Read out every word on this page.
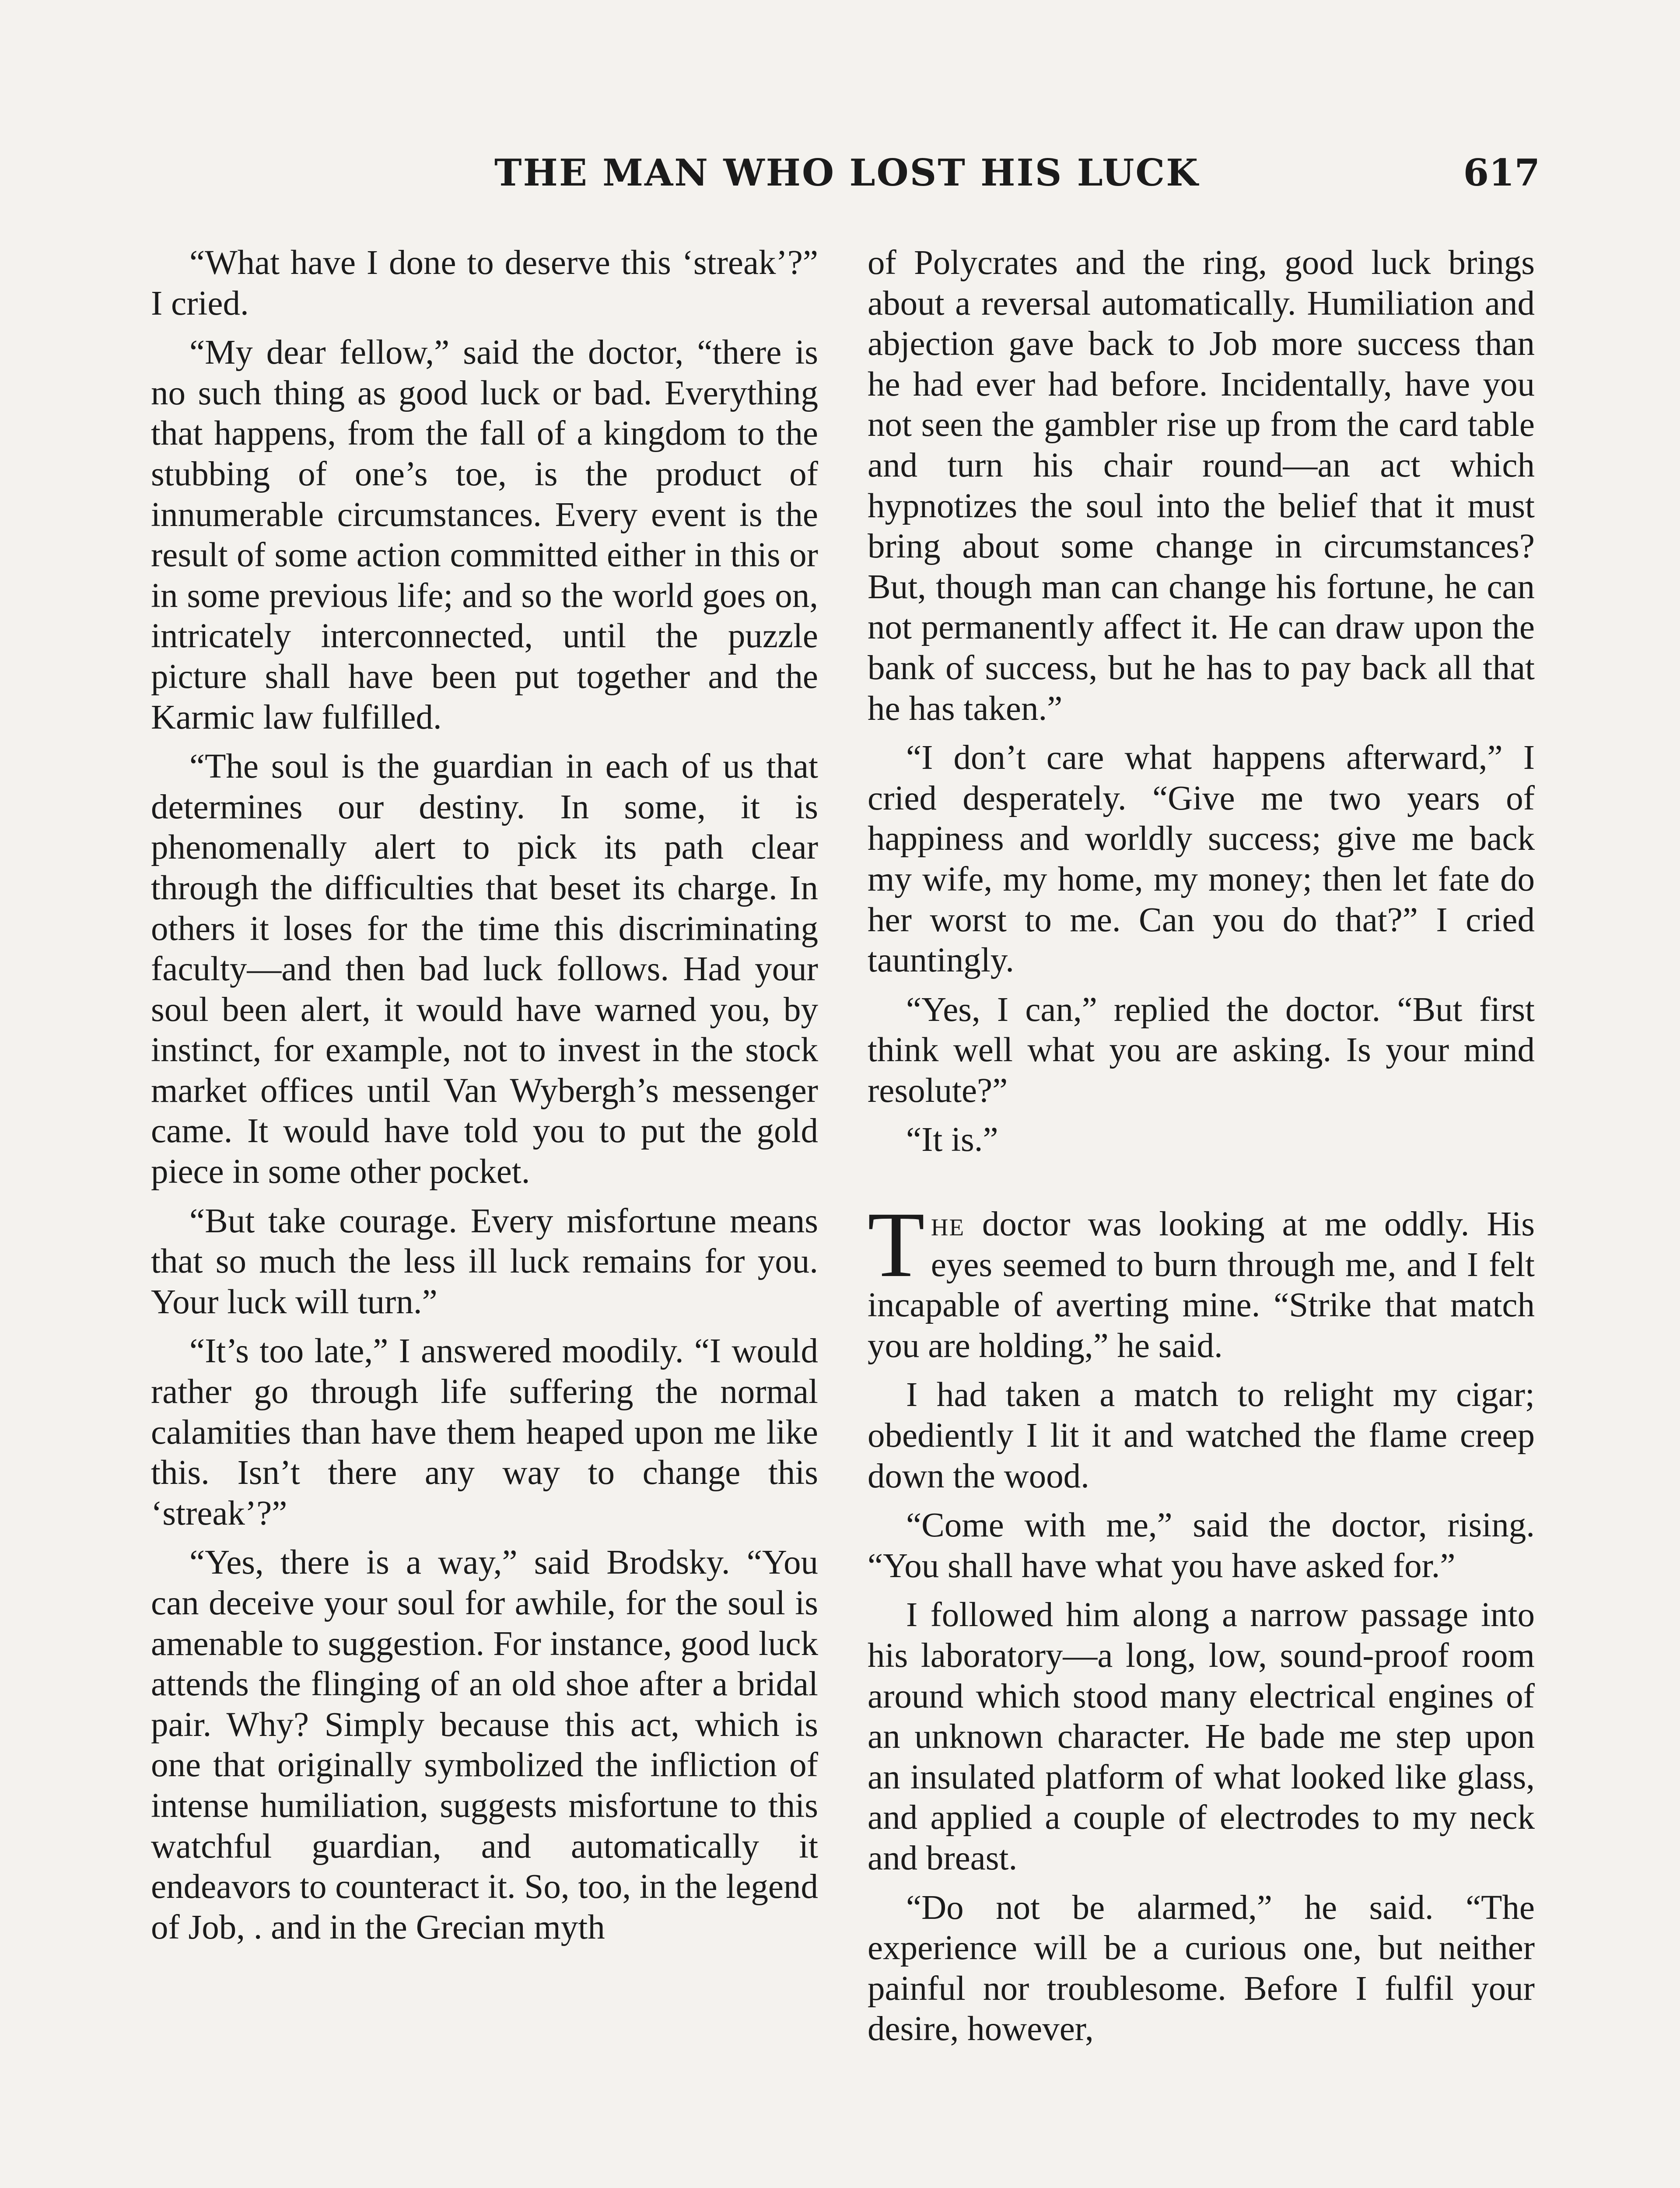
THE MAN WHO LOST HIS LUCK	617

“What have I done to deserve this ‘streak’?” I cried.

“My dear fellow,” said the doctor, “there is no such thing as good luck or bad. Everything that happens, from the fall of a kingdom to the stubbing of one’s toe, is the product of innumerable circumstances. Every event is the result of some action committed either in this or in some previous life; and so the world goes on, intricately interconnected, until the puzzle picture shall have been put together and the Karmic law fulfilled.

“The soul is the guardian in each of us that determines our destiny. In some, it is phenomenally alert to pick its path clear through the difficulties that beset its charge. In others it loses for the time this discriminating faculty—and then bad luck follows. Had your soul been alert, it would have warned you, by instinct, for example, not to invest in the stock market offices until Van Wybergh’s messenger came. It would have told you to put the gold piece in some other pocket.

“But take courage. Every misfortune means that so much the less ill luck remains for you. Your luck will turn.”

“It’s too late,” I answered moodily. “I would rather go through life suffering the normal calamities than have them heaped upon me like this. Isn’t there any way to change this ‘streak’?”

“Yes, there is a way,” said Brodsky. “You can deceive your soul for awhile, for the soul is amenable to suggestion. For instance, good luck attends the flinging of an old shoe after a bridal pair. Why? Simply because this act, which is one that originally symbolized the infliction of intense humiliation, suggests misfortune to this watchful guardian, and automatically it endeavors to counteract it. So, too, in the legend of Job, . and in the Grecian myth

of Polycrates and the ring, good luck brings about a reversal automatically. Humiliation and abjection gave back to Job more success than he had ever had before. Incidentally, have you not seen the gambler rise up from the card table and turn his chair round—an act which hypnotizes the soul into the belief that it must bring about some change in circumstances? But, though man can change his fortune, he can not permanently affect it. He can draw upon the bank of success, but he has to pay back all that he has taken.”

“I don’t care what happens afterward,” I cried desperately. “Give me two years of happiness and worldly success; give me back my wife, my home, my money; then let fate do her worst to me. Can you do that?” I cried tauntingly.

“Yes, I can,” replied the doctor. “But first think well what you are asking. Is your mind resolute?”

“It is.”

The doctor was looking at me oddly. His eyes seemed to burn through me, and I felt incapable of averting mine. “Strike that match you are holding,” he said.

I had taken a match to relight my cigar; obediently I lit it and watched the flame creep down the wood.

“Come with me,” said the doctor, rising. “You shall have what you have asked for.”

I followed him along a narrow passage into his laboratory—a long, low, sound-proof room around which stood many electrical engines of an unknown character. He bade me step upon an insulated platform of what looked like glass, and applied a couple of electrodes to my neck and breast.

“Do not be alarmed,” he said. “The experience will be a curious one, but neither painful nor troublesome. Before I fulfil your desire, however,
